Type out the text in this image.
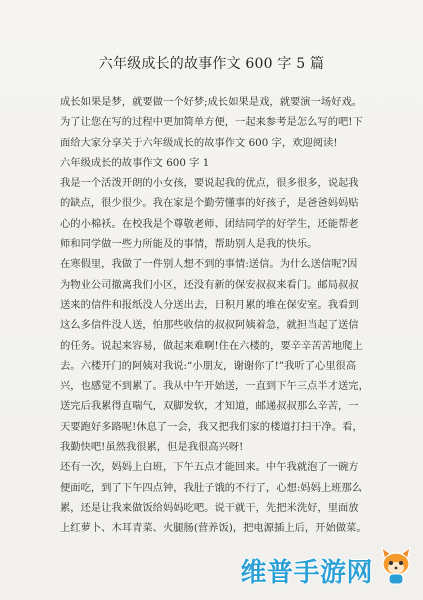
六年级成长的故事作文 600 字 5 篇
成长如果是梦，就要做一个好梦;成长如果是戏，就要演一场好戏。
为了让您在写的过程中更加简单方便，一起来参考是怎么写的吧!下
面给大家分享关于六年级成长的故事作文 600 字，欢迎阅读!
六年级成长的故事作文 600 字 1
我是一个活泼开朗的小女孩，要说起我的优点，很多很多，说起我
的缺点，很少很少。我在家是个勤劳懂事的好孩子，是爸爸妈妈贴
心的小棉袄。在校我是个尊敬老师、团结同学的好学生，还能帮老
师和同学做一些力所能及的事情，帮助别人是我的快乐。
在寒假里，我做了一件别人想不到的事情:送信。为什么送信呢?因
为物业公司撤离我们小区，还没有新的保安叔叔来看门。邮局叔叔
送来的信件和报纸没人分送出去，日积月累的堆在保安室。我看到
这么多信件没人送，怕那些收信的叔叔阿姨着急，就担当起了送信
的任务。说起来容易，做起来难啊!住在六楼的，要辛辛苦苦地爬上
去。六楼开门的阿姨对我说:“小朋友，谢谢你了!”我听了心里很高
兴，也感觉不到累了。我从中午开始送，一直到下午三点半才送完，
送完后我累得直喘气，双脚发软，才知道，邮递叔叔那么辛苦，一
天要跑好多路呢!休息了一会，我又把我们家的楼道打扫干净。看，
我勤快吧!虽然我很累，但是我很高兴呀!
还有一次，妈妈上白班，下午五点才能回来。中午我就泡了一碗方
便面吃，到了下午四点钟，我肚子饿的不行了，心想:妈妈上班那么
累，还是让我来做饭给妈妈吃吧。说干就干，先把米洗好，里面放
上红萝卜、木耳青菜、火腿肠(营养饭)，把电源插上后，开始做菜。
维普手游网
